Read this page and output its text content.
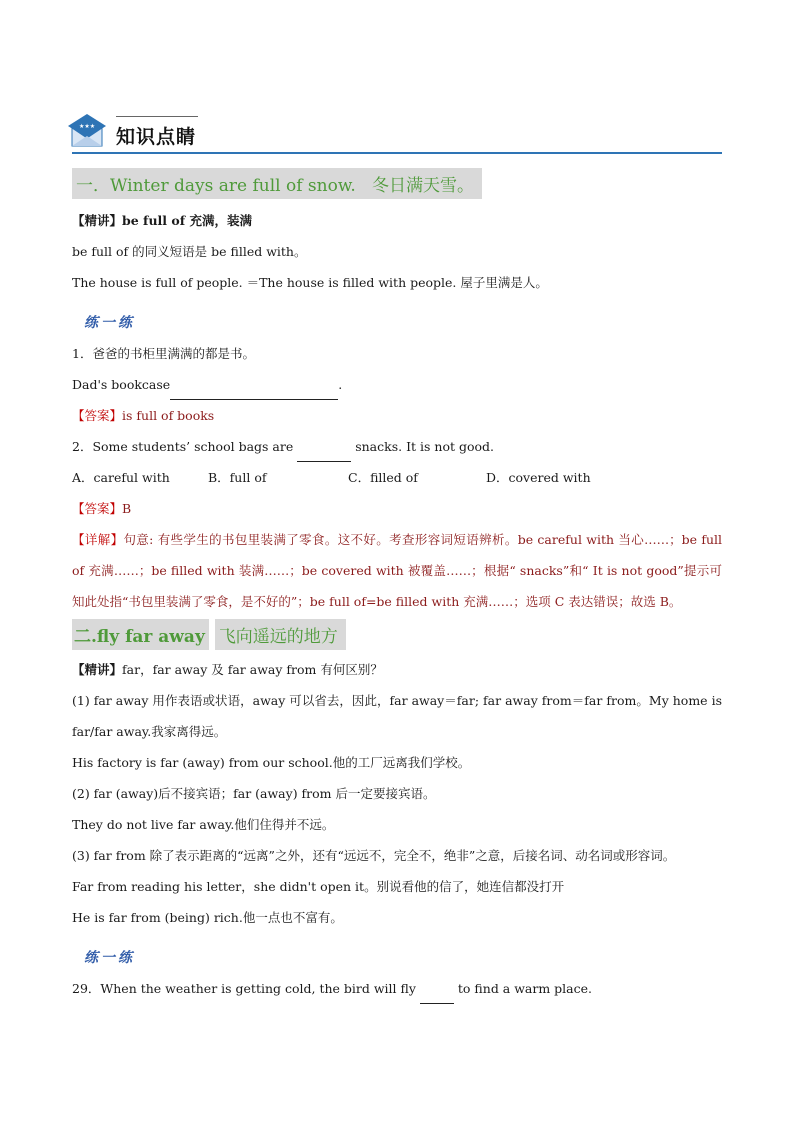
★★★ 知识点睛
一．Winter days are full of snow.   冬日满天雪。
【精讲】be full of 充满，装满
be full of 的同义短语是 be filled with。
The house is full of people. ＝The house is filled with people. 屋子里满是人。
练一练
1．爸爸的书柜里满满的都是书。
Dad's bookcase	.
【答案】is full of books
2．Some students’ school bags are	snacks. It is not good.
A．careful with	B．full of	C．filled of	D．covered with
【答案】B
【详解】句意: 有些学生的书包里装满了零食。这不好。考查形容词短语辨析。be careful with 当心……；be full of 充满……；be filled with 装满……；be covered with 被覆盖……；根据“ snacks”和“ It is not good”提示可知此处指“书包里装满了零食，是不好的”；be full of=be filled with 充满……；选项 C 表达错误；故选 B。
二.fly far away 飞向遥远的地方
【精讲】far，far away 及 far away from 有何区别？
(1) far away 用作表语或状语，away 可以省去，因此，far away＝far; far away from＝far from。My home is far/far away.我家离得远。
His factory is far (away) from our school.他的工厂远离我们学校。
(2) far (away)后不接宾语；far (away) from 后一定要接宾语。
They do not live far away.他们住得并不远。
(3) far from 除了表示距离的“远离”之外，还有“远远不，完全不，绝非”之意，后接名词、动名词或形容词。
Far from reading his letter，she didn't open it。别说看他的信了，她连信都没打开
He is far from (being) rich.他一点也不富有。
练一练
29．When the weather is getting cold, the bird will fly	to find a warm place.
